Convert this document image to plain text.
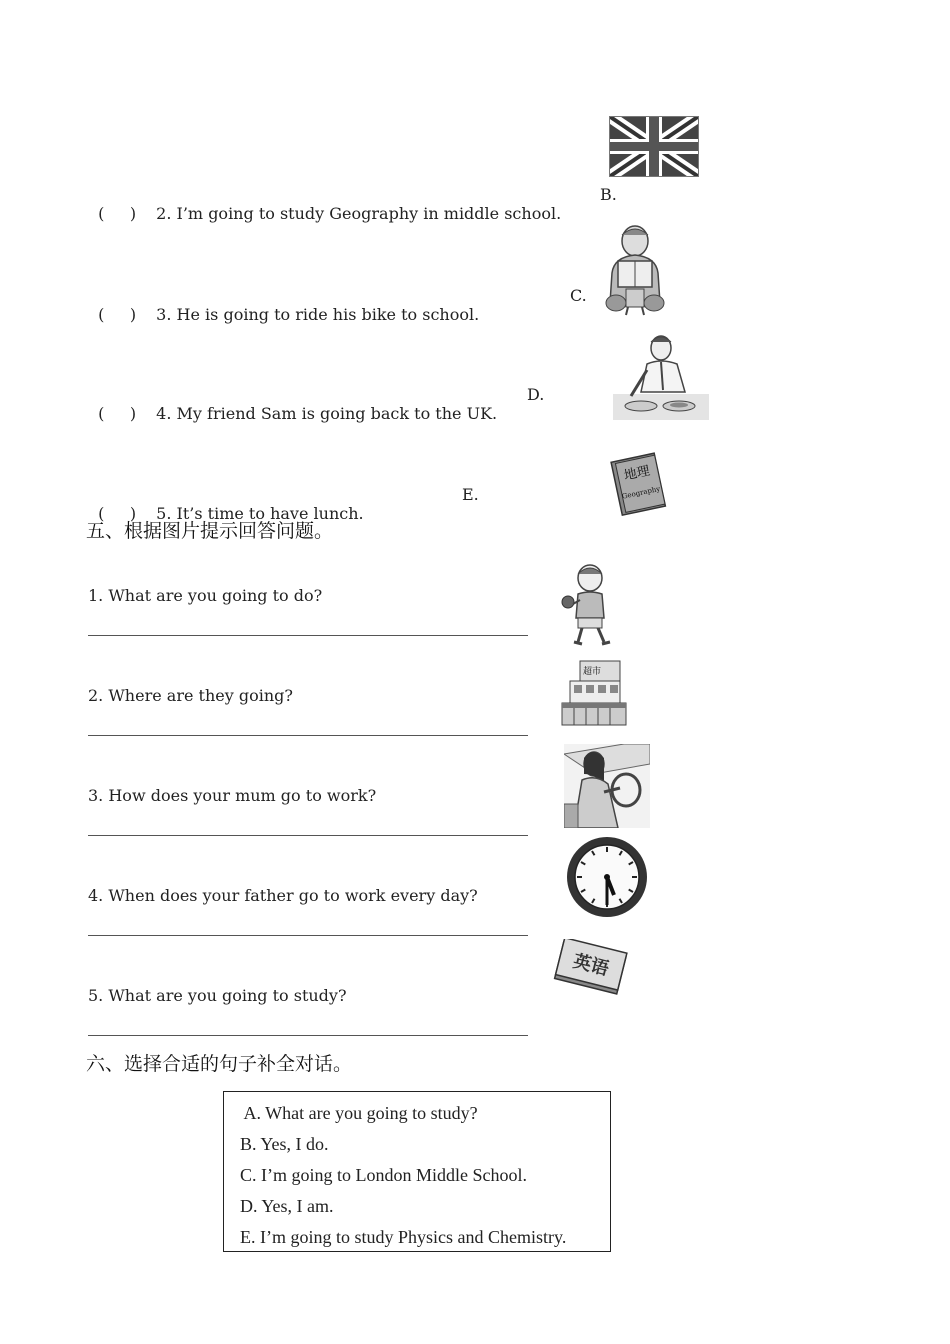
(     ) 2. I’m going to study Geography in middle school.

B.

(     ) 3. He is going to ride his bike to school.

C.

(     ) 4. My friend Sam is going back to the UK.

D.

(     ) 5. It’s time to have lunch.

E.
地理
Geography
五、根据图片提示回答问题。
1. What are you going to do?
2. Where are they going?
3. How does your mum go to work?
4. When does your father go to work every day?
5. What are you going to study?
超市
英语
六、选择合适的句子补全对话。
A. What are you going to study?
B. Yes, I do.
C. I’m going to London Middle School.
D. Yes, I am.
E. I’m going to study Physics and Chemistry.
